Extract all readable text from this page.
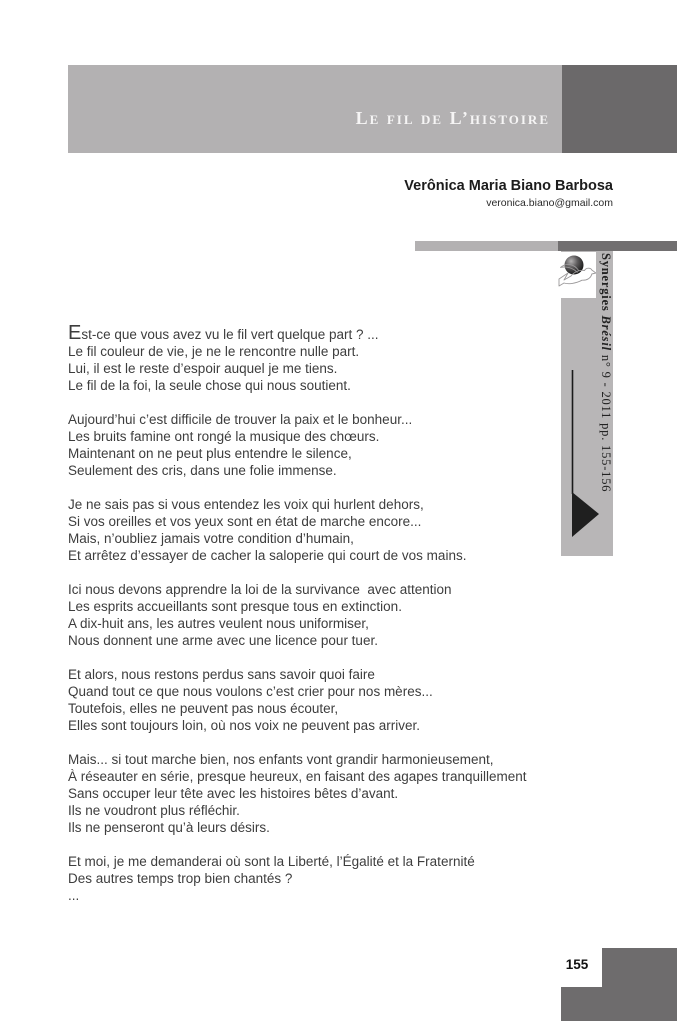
Le fil de L’histoire
Verônica Maria Biano Barbosa
veronica.biano@gmail.com
Synergies Brésil n° 9 - 2011 pp. 155-156
Est-ce que vous avez vu le fil vert quelque part ? ...
Le fil couleur de vie, je ne le rencontre nulle part.
Lui, il est le reste d’espoir auquel je me tiens.
Le fil de la foi, la seule chose qui nous soutient.
Aujourd’hui c’est difficile de trouver la paix et le bonheur...
Les bruits famine ont rongé la musique des chœurs.
Maintenant on ne peut plus entendre le silence,
Seulement des cris, dans une folie immense.
Je ne sais pas si vous entendez les voix qui hurlent dehors,
Si vos oreilles et vos yeux sont en état de marche encore...
Mais, n’oubliez jamais votre condition d’humain,
Et arrêtez d’essayer de cacher la saloperie qui court de vos mains.
Ici nous devons apprendre la loi de la survivance  avec attention
Les esprits accueillants sont presque tous en extinction.
A dix-huit ans, les autres veulent nous uniformiser,
Nous donnent une arme avec une licence pour tuer.
Et alors, nous restons perdus sans savoir quoi faire
Quand tout ce que nous voulons c’est crier pour nos mères...
Toutefois, elles ne peuvent pas nous écouter,
Elles sont toujours loin, où nos voix ne peuvent pas arriver.
Mais... si tout marche bien, nos enfants vont grandir harmonieusement,
À réseauter en série, presque heureux, en faisant des agapes tranquillement
Sans occuper leur tête avec les histoires bêtes d’avant.
Ils ne voudront plus réfléchir.
Ils ne penseront qu’à leurs désirs.
Et moi, je me demanderai où sont la Liberté, l’Égalité et la Fraternité
Des autres temps trop bien chantés ?
...
155
